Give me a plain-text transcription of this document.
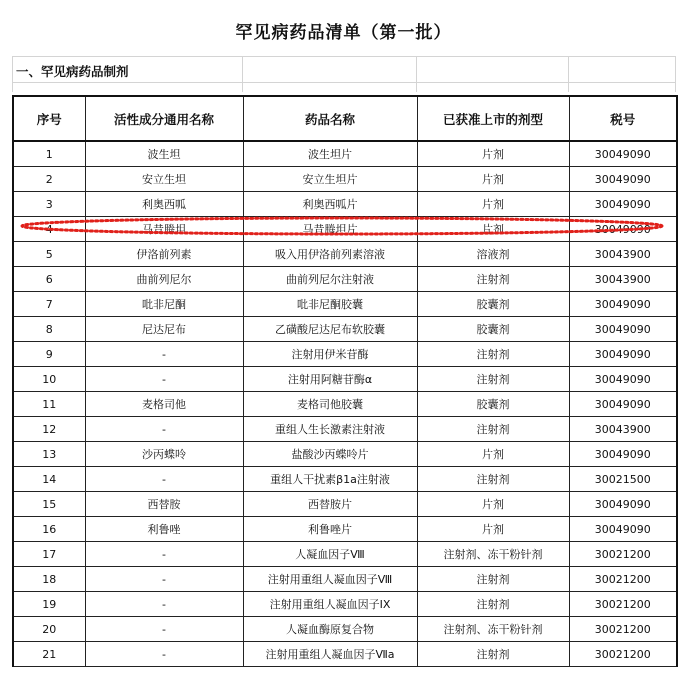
罕见病药品清单（第一批）
一、罕见病药品制剂
序号	活性成分通用名称	药品名称	已获准上市的剂型	税号
1	波生坦	波生坦片	片剂	30049090
2	安立生坦	安立生坦片	片剂	30049090
3	利奥西呱	利奥西呱片	片剂	30049090
4	马昔腾坦	马昔腾坦片	片剂	30049090
5	伊洛前列素	吸入用伊洛前列素溶液	溶液剂	30043900
6	曲前列尼尔	曲前列尼尔注射液	注射剂	30043900
7	吡非尼酮	吡非尼酮胶囊	胶囊剂	30049090
8	尼达尼布	乙磺酸尼达尼布软胶囊	胶囊剂	30049090
9	-	注射用伊米苷酶	注射剂	30049090
10	-	注射用阿糖苷酶α	注射剂	30049090
11	麦格司他	麦格司他胶囊	胶囊剂	30049090
12	-	重组人生长激素注射液	注射剂	30043900
13	沙丙蝶呤	盐酸沙丙蝶呤片	片剂	30049090
14	-	重组人干扰素β1a注射液	注射剂	30021500
15	西替胺	西替胺片	片剂	30049090
16	利鲁唑	利鲁唑片	片剂	30049090
17	-	人凝血因子Ⅷ	注射剂、冻干粉针剂	30021200
18	-	注射用重组人凝血因子Ⅷ	注射剂	30021200
19	-	注射用重组人凝血因子IX	注射剂	30021200
20	-	人凝血酶原复合物	注射剂、冻干粉针剂	30021200
21	-	注射用重组人凝血因子Ⅶa	注射剂	30021200
